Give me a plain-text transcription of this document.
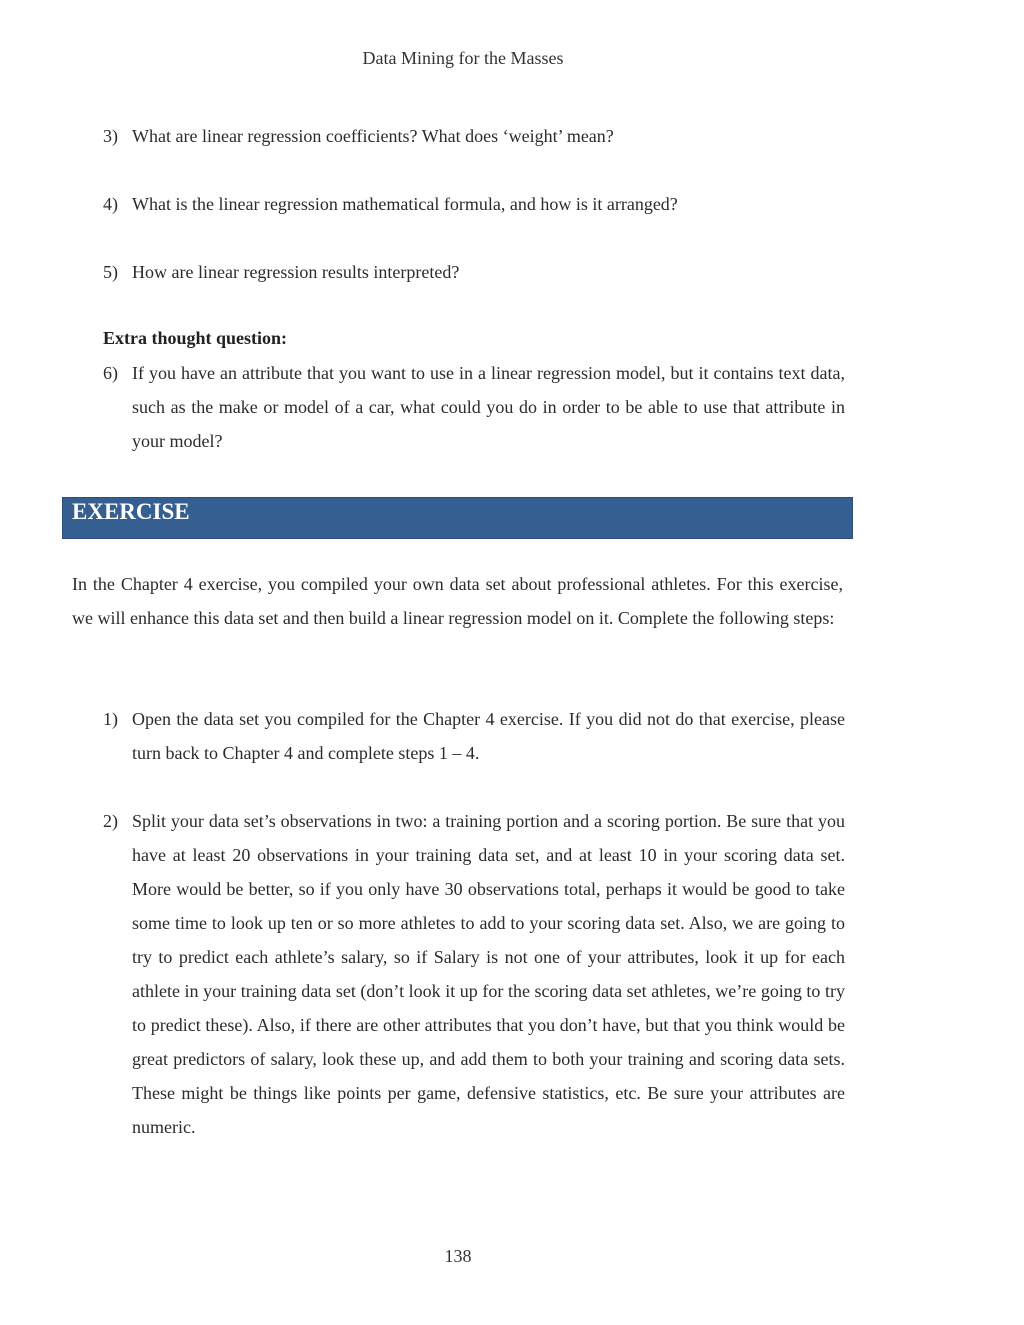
Data Mining for the Masses
3) What are linear regression coefficients? What does ‘weight’ mean?
4) What is the linear regression mathematical formula, and how is it arranged?
5) How are linear regression results interpreted?
Extra thought question:
6) If you have an attribute that you want to use in a linear regression model, but it contains text data, such as the make or model of a car, what could you do in order to be able to use that attribute in your model?
EXERCISE
In the Chapter 4 exercise, you compiled your own data set about professional athletes. For this exercise, we will enhance this data set and then build a linear regression model on it. Complete the following steps:
1) Open the data set you compiled for the Chapter 4 exercise. If you did not do that exercise, please turn back to Chapter 4 and complete steps 1 – 4.
2) Split your data set’s observations in two: a training portion and a scoring portion. Be sure that you have at least 20 observations in your training data set, and at least 10 in your scoring data set. More would be better, so if you only have 30 observations total, perhaps it would be good to take some time to look up ten or so more athletes to add to your scoring data set. Also, we are going to try to predict each athlete’s salary, so if Salary is not one of your attributes, look it up for each athlete in your training data set (don’t look it up for the scoring data set athletes, we’re going to try to predict these). Also, if there are other attributes that you don’t have, but that you think would be great predictors of salary, look these up, and add them to both your training and scoring data sets. These might be things like points per game, defensive statistics, etc. Be sure your attributes are numeric.
138
